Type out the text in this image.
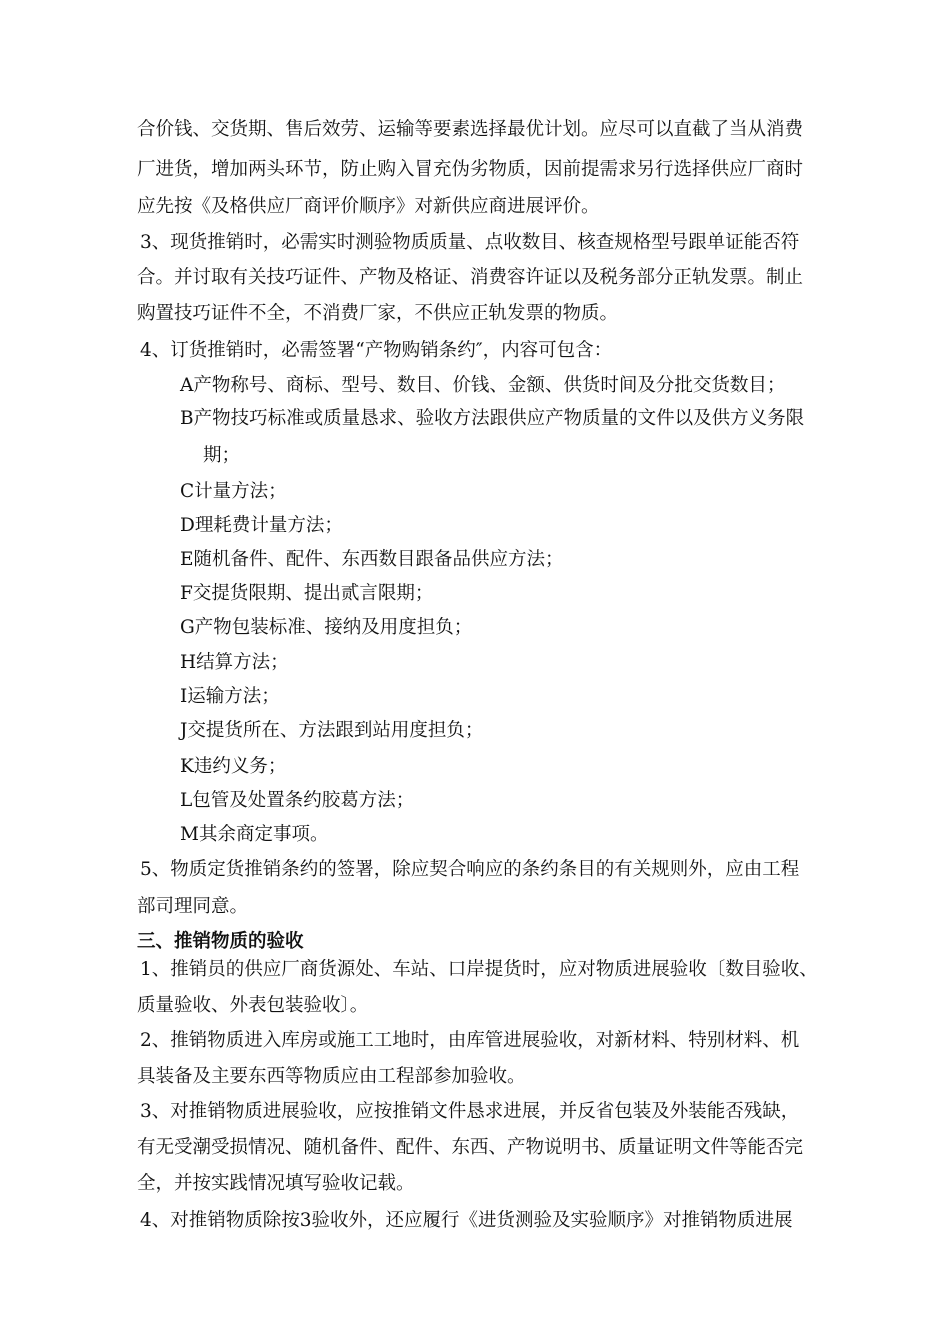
合价钱、交货期、售后效劳、运输等要素选择最优计划。应尽可以直截了当从消费
厂进货，增加两头环节，防止购入冒充伪劣物质，因前提需求另行选择供应厂商时
应先按《及格供应厂商评价顺序》对新供应商进展评价。
3、现货推销时，必需实时测验物质质量、点收数目、核查规格型号跟单证能否符
合。并讨取有关技巧证件、产物及格证、消费容许证以及税务部分正轨发票。制止
购置技巧证件不全，不消费厂家，不供应正轨发票的物质。
4、订货推销时，必需签署“产物购销条约″，内容可包含：
A产物称号、商标、型号、数目、价钱、金额、供货时间及分批交货数目；
B产物技巧标准或质量恳求、验收方法跟供应产物质量的文件以及供方义务限
期；
C计量方法；
D理耗费计量方法；
E随机备件、配件、东西数目跟备品供应方法；
F交提货限期、提出贰言限期；
G产物包装标准、接纳及用度担负；
H结算方法；
I运输方法；
J交提货所在、方法跟到站用度担负；
K违约义务；
L包管及处置条约胶葛方法；
M其余商定事项。
5、物质定货推销条约的签署，除应契合响应的条约条目的有关规则外，应由工程
部司理同意。
三、推销物质的验收
1、推销员的供应厂商货源处、车站、口岸提货时，应对物质进展验收〔数目验收、
质量验收、外表包装验收〕。
2、推销物质进入库房或施工工地时，由库管进展验收，对新材料、特别材料、机
具装备及主要东西等物质应由工程部参加验收。
3、对推销物质进展验收，应按推销文件恳求进展，并反省包装及外装能否残缺，
有无受潮受损情况、随机备件、配件、东西、产物说明书、质量证明文件等能否完
全，并按实践情况填写验收记载。
4、对推销物质除按3验收外，还应履行《进货测验及实验顺序》对推销物质进展
